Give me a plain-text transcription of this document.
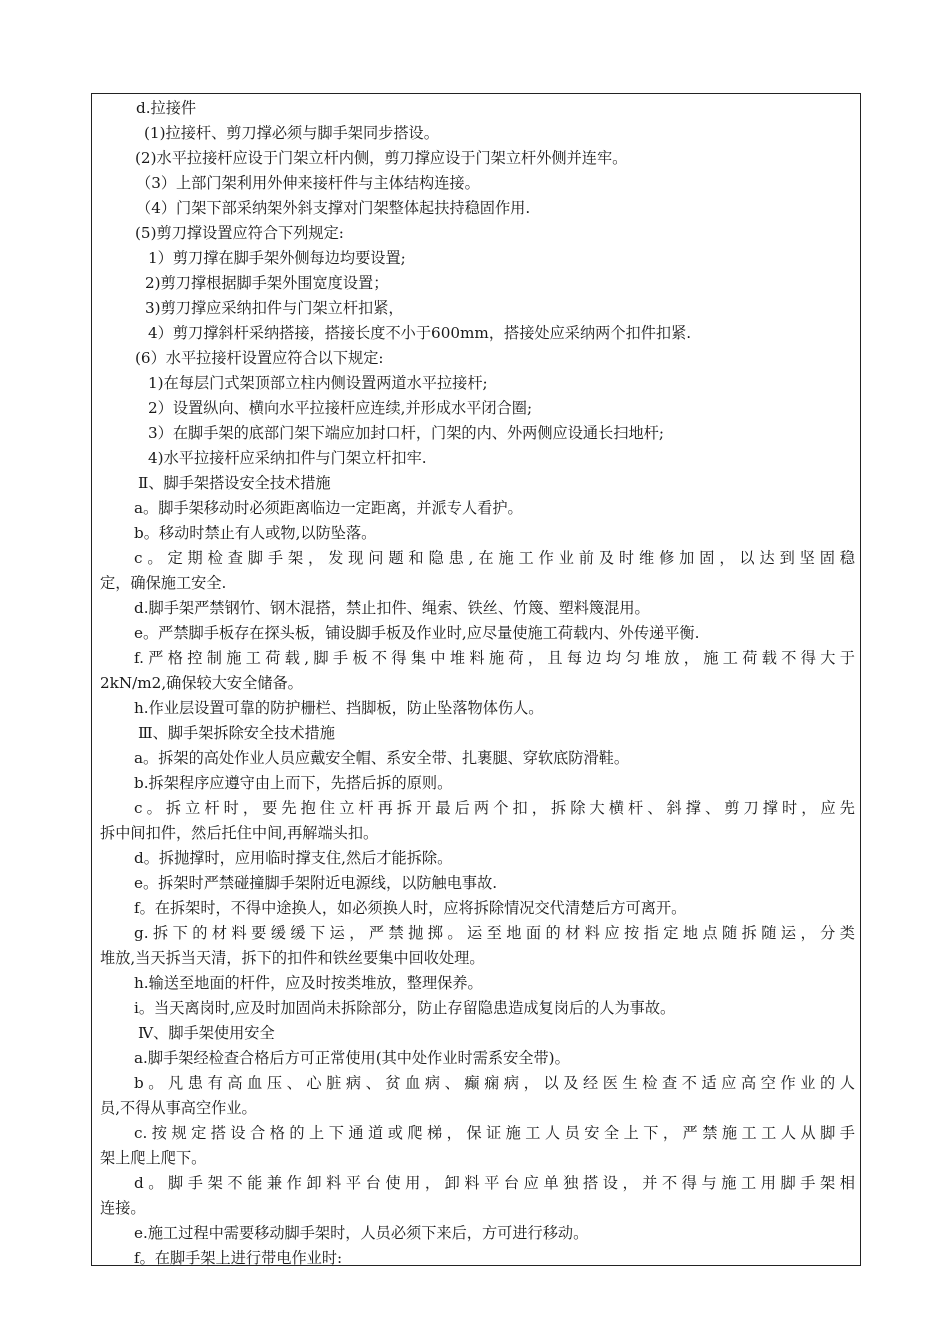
d.拉接件
(1)拉接杆、剪刀撑必须与脚手架同步搭设。
(2)水平拉接杆应设于门架立杆内侧，剪刀撑应设于门架立杆外侧并连牢。
（3）上部门架利用外伸来接杆件与主体结构连接。
（4）门架下部采纳架外斜支撑对门架整体起扶持稳固作用.
(5)剪刀撑设置应符合下列规定:
1）剪刀撑在脚手架外侧每边均要设置;
2)剪刀撑根据脚手架外围宽度设置；
3)剪刀撑应采纳扣件与门架立杆扣紧，
4）剪刀撑斜杆采纳搭接，搭接长度不小于600mm，搭接处应采纳两个扣件扣紧.
(6）水平拉接杆设置应符合以下规定:
1)在每层门式架顶部立柱内侧设置两道水平拉接杆;
2）设置纵向、横向水平拉接杆应连续,并形成水平闭合圈;
3）在脚手架的底部门架下端应加封口杆，门架的内、外两侧应设通长扫地杆;
4)水平拉接杆应采纳扣件与门架立杆扣牢.
Ⅱ、脚手架搭设安全技术措施
a。脚手架移动时必须距离临边一定距离，并派专人看护。
b。移动时禁止有人或物,以防坠落。
c。定期检查脚手架，发现问题和隐患,在施工作业前及时维修加固，以达到坚固稳
定，确保施工安全.
d.脚手架严禁钢竹、钢木混搭，禁止扣件、绳索、铁丝、竹篾、塑料篾混用。
e。严禁脚手板存在探头板，铺设脚手板及作业时,应尽量使施工荷载内、外传递平衡.
f.严格控制施工荷载,脚手板不得集中堆料施荷，且每边均匀堆放，施工荷载不得大于
2kN/m2,确保较大安全储备。
h.作业层设置可靠的防护栅栏、挡脚板，防止坠落物体伤人。
Ⅲ、脚手架拆除安全技术措施
a。拆架的高处作业人员应戴安全帽、系安全带、扎裹腿、穿软底防滑鞋。
b.拆架程序应遵守由上而下，先搭后拆的原则。
c。拆立杆时，要先抱住立杆再拆开最后两个扣，拆除大横杆、斜撑、剪刀撑时，应先
拆中间扣件，然后托住中间,再解端头扣。
d。拆抛撑时，应用临时撑支住,然后才能拆除。
e。拆架时严禁碰撞脚手架附近电源线，以防触电事故.
f。在拆架时，不得中途换人，如必须换人时，应将拆除情况交代清楚后方可离开。
g.拆下的材料要缓缓下运，严禁抛掷。运至地面的材料应按指定地点随拆随运，分类
堆放,当天拆当天清，拆下的扣件和铁丝要集中回收处理。
h.输送至地面的杆件，应及时按类堆放，整理保养。
i。当天离岗时,应及时加固尚未拆除部分，防止存留隐患造成复岗后的人为事故。
Ⅳ、脚手架使用安全
a.脚手架经检查合格后方可正常使用(其中处作业时需系安全带)。
b。凡患有高血压、心脏病、贫血病、癫痫病，以及经医生检查不适应高空作业的人
员,不得从事高空作业。
c.按规定搭设合格的上下通道或爬梯，保证施工人员安全上下，严禁施工工人从脚手
架上爬上爬下。
d。脚手架不能兼作卸料平台使用，卸料平台应单独搭设，并不得与施工用脚手架相
连接。
e.施工过程中需要移动脚手架时，人员必须下来后，方可进行移动。
f。在脚手架上进行带电作业时:
